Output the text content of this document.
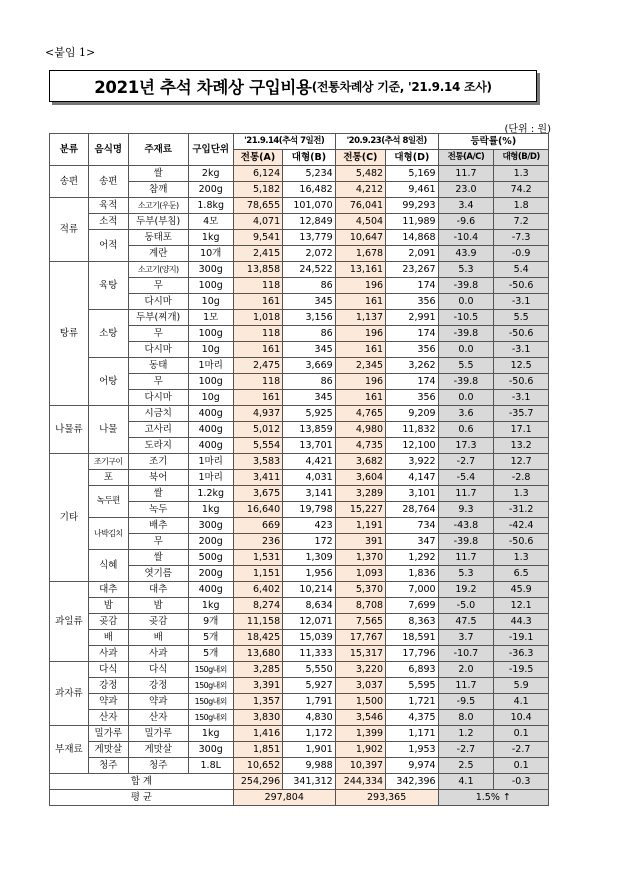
<붙임 1>
2021년 추석 차례상 구입비용 (전통차례상 기준, '21.9.14 조사)
(단위 : 원)
분류	음식명	주재료	구입단위	'21.9.14(추석 7일전)		'20.9.23(추석 8일전)		등락률(%)	
				전통(A)	대형(B)	전통(C)	대형(D)	전통(A/C)	대형(B/D)
송편	송편	쌀	2kg	6,124	5,234	5,482	5,169	11.7	1.3
		참깨	200g	5,182	16,482	4,212	9,461	23.0	74.2
적류	육적	소고기(우둔)	1.8kg	78,655	101,070	76,041	99,293	3.4	1.8
	소적	두부(부침)	4모	4,071	12,849	4,504	11,989	-9.6	7.2
	어적	동태포	1kg	9,541	13,779	10,647	14,868	-10.4	-7.3
		계란	10개	2,415	2,072	1,678	2,091	43.9	-0.9
탕류	육탕	소고기(양지)	300g	13,858	24,522	13,161	23,267	5.3	5.4
		무	100g	118	86	196	174	-39.8	-50.6
		다시마	10g	161	345	161	356	0.0	-3.1
	소탕	두부(찌개)	1모	1,018	3,156	1,137	2,991	-10.5	5.5
		무	100g	118	86	196	174	-39.8	-50.6
		다시마	10g	161	345	161	356	0.0	-3.1
	어탕	동태	1마리	2,475	3,669	2,345	3,262	5.5	12.5
		무	100g	118	86	196	174	-39.8	-50.6
		다시마	10g	161	345	161	356	0.0	-3.1
나물류	나물	시금치	400g	4,937	5,925	4,765	9,209	3.6	-35.7
		고사리	400g	5,012	13,859	4,980	11,832	0.6	17.1
		도라지	400g	5,554	13,701	4,735	12,100	17.3	13.2
기타	조기구이	조기	1마리	3,583	4,421	3,682	3,922	-2.7	12.7
	포	북어	1마리	3,411	4,031	3,604	4,147	-5.4	-2.8
	녹두편	쌀	1.2kg	3,675	3,141	3,289	3,101	11.7	1.3
		녹두	1kg	16,640	19,798	15,227	28,764	9.3	-31.2
	나박김치	배추	300g	669	423	1,191	734	-43.8	-42.4
		무	200g	236	172	391	347	-39.8	-50.6
	식혜	쌀	500g	1,531	1,309	1,370	1,292	11.7	1.3
		엿기름	200g	1,151	1,956	1,093	1,836	5.3	6.5
과일류	대추	대추	400g	6,402	10,214	5,370	7,000	19.2	45.9
	밤	밤	1kg	8,274	8,634	8,708	7,699	-5.0	12.1
	곶감	곶감	9개	11,158	12,071	7,565	8,363	47.5	44.3
	배	배	5개	18,425	15,039	17,767	18,591	3.7	-19.1
	사과	사과	5개	13,680	11,333	15,317	17,796	-10.7	-36.3
과자류	다식	다식	150g내외	3,285	5,550	3,220	6,893	2.0	-19.5
	강정	강정	150g내외	3,391	5,927	3,037	5,595	11.7	5.9
	약과	약과	150g내외	1,357	1,791	1,500	1,721	-9.5	4.1
	산자	산자	150g내외	3,830	4,830	3,546	4,375	8.0	10.4
부재료	밀가루	밀가루	1kg	1,416	1,172	1,399	1,171	1.2	0.1
	게맛살	게맛살	300g	1,851	1,901	1,902	1,953	-2.7	-2.7
	청주	청주	1.8L	10,652	9,988	10,397	9,974	2.5	0.1
합 계				254,296	341,312	244,334	342,396	4.1	-0.3
평 균				297,804		293,365		1.5% ↑	
